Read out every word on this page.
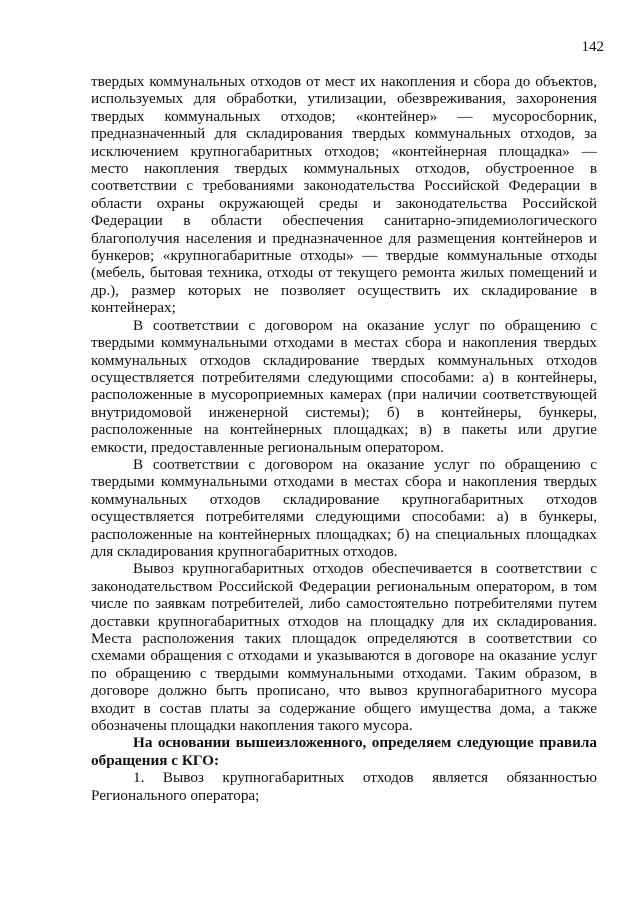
142

твердых коммунальных отходов от мест их накопления и сбора до объектов, используемых для обработки, утилизации, обезвреживания, захоронения твердых коммунальных отходов; «контейнер» — мусоросборник, предназначенный для складирования твердых коммунальных отходов, за исключением крупногабаритных отходов; «контейнерная площадка» — место накопления твердых коммунальных отходов, обустроенное в соответствии с требованиями законодательства Российской Федерации в области охраны окружающей среды и законодательства Российской Федерации в области обеспечения санитарно-эпидемиологического благополучия населения и предназначенное для размещения контейнеров и бункеров; «крупногабаритные отходы» — твердые коммунальные отходы (мебель, бытовая техника, отходы от текущего ремонта жилых помещений и др.), размер которых не позволяет осуществить их складирование в контейнерах;

В соответствии с договором на оказание услуг по обращению с твердыми коммунальными отходами в местах сбора и накопления твердых коммунальных отходов складирование твердых коммунальных отходов осуществляется потребителями следующими способами: а) в контейнеры, расположенные в мусороприемных камерах (при наличии соответствующей внутридомовой инженерной системы); б) в контейнеры, бункеры, расположенные на контейнерных площадках; в) в пакеты или другие емкости, предоставленные региональным оператором.

В соответствии с договором на оказание услуг по обращению с твердыми коммунальными отходами в местах сбора и накопления твердых коммунальных отходов складирование крупногабаритных отходов осуществляется потребителями следующими способами: а) в бункеры, расположенные на контейнерных площадках; б) на специальных площадках для складирования крупногабаритных отходов.

Вывоз крупногабаритных отходов обеспечивается в соответствии с законодательством Российской Федерации региональным оператором, в том числе по заявкам потребителей, либо самостоятельно потребителями путем доставки крупногабаритных отходов на площадку для их складирования. Места расположения таких площадок определяются в соответствии со схемами обращения с отходами и указываются в договоре на оказание услуг по обращению с твердыми коммунальными отходами. Таким образом, в договоре должно быть прописано, что вывоз крупногабаритного мусора входит в состав платы за содержание общего имущества дома, а также обозначены площадки накопления такого мусора.

На основании вышеизложенного, определяем следующие правила обращения с КГО:

1. Вывоз крупногабаритных отходов является обязанностью Регионального оператора;
